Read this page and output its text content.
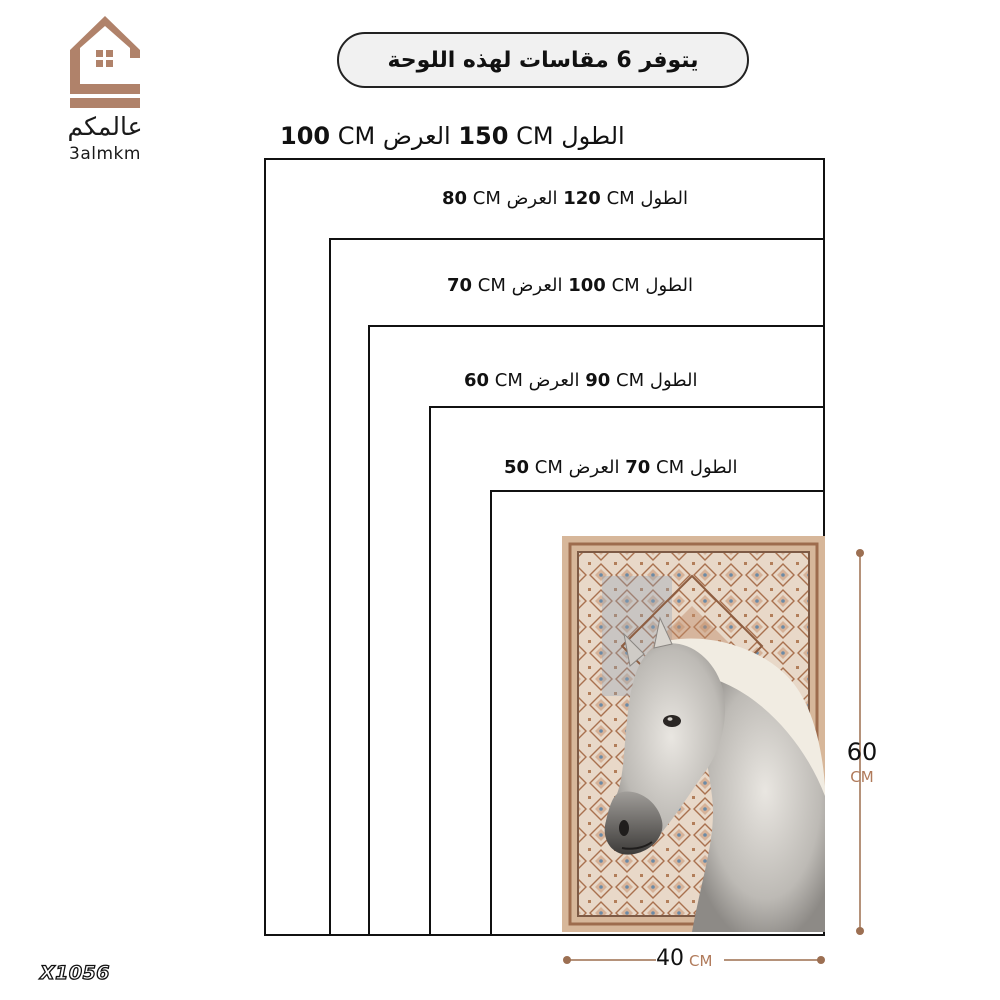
عالمكم
3almkm
يتوفر 6 مقاسات لهذه اللوحة
الطول 150 CM العرض 100 CM
الطول 120 CM العرض 80 CM
الطول 100 CM العرض 70 CM
الطول 90 CM العرض 60 CM
الطول 70 CM العرض 50 CM
60
CM
40 CM
X1056
